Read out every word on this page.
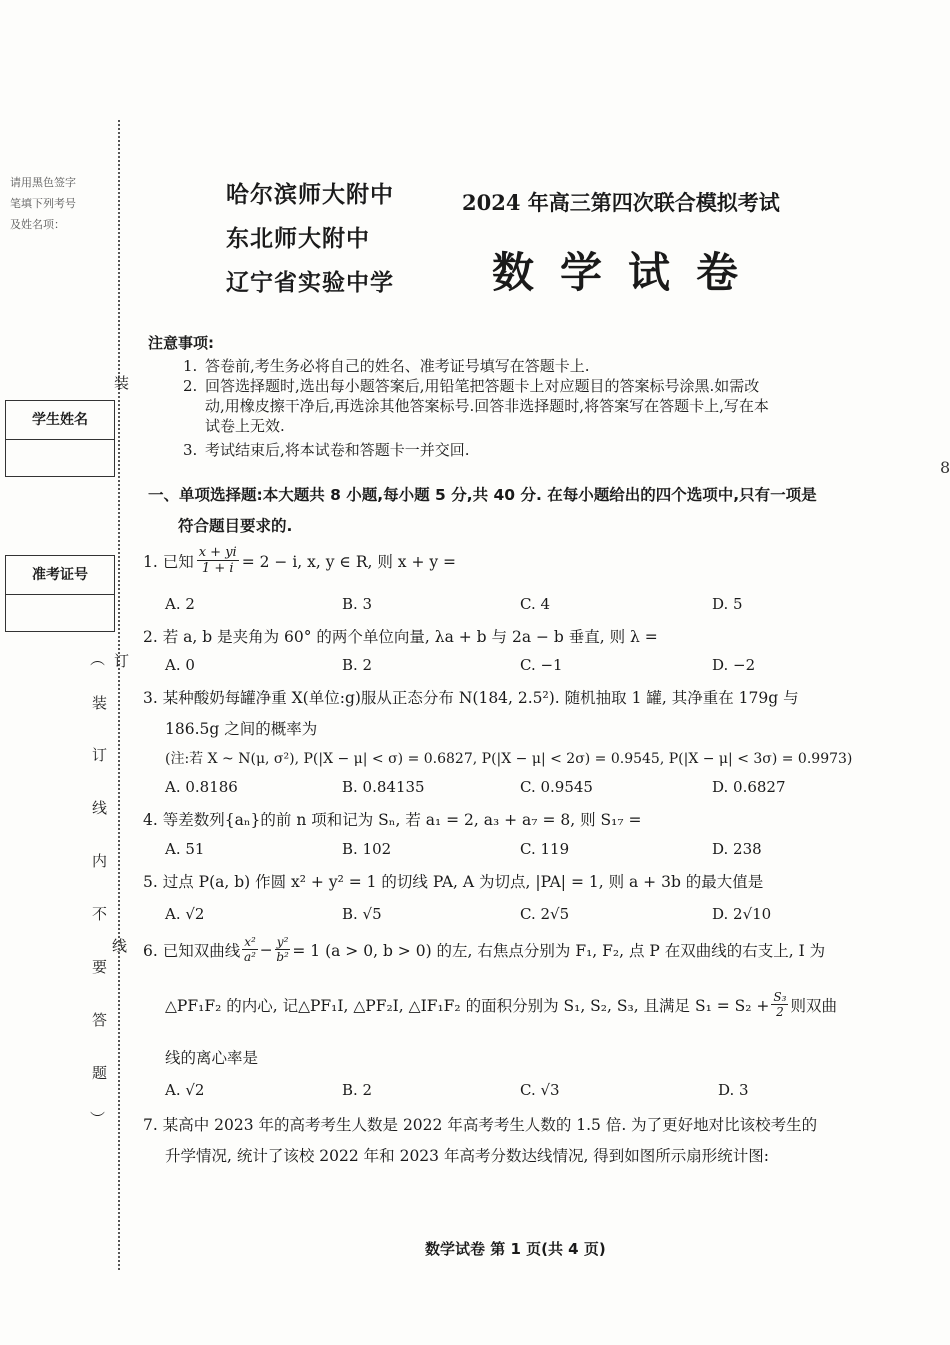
8
请用黑色签字
笔填下列考号
及姓名项：
装
订
线
学生姓名
准考证号
︵
装
订
线
内
不
要
答
题
︶
哈尔滨师大附中
东北师大附中
辽宁省实验中学
2024 年高三第四次联合模拟考试
数学试卷
注意事项:
1. 答卷前,考生务必将自己的姓名、准考证号填写在答题卡上.
2. 回答选择题时,选出每小题答案后,用铅笔把答题卡上对应题目的答案标号涂黑.如需改
动,用橡皮擦干净后,再选涂其他答案标号.回答非选择题时,将答案写在答题卡上,写在本
试卷上无效.
3. 考试结束后,将本试卷和答题卡一并交回.
一、单项选择题:本大题共 8 小题,每小题 5 分,共 40 分. 在每小题给出的四个选项中,只有一项是
符合题目要求的.
1. 已知 $\frac{x + yi}{1 + i} = 2 - i$, x, y ∈ R, 则 x + y =
A. 2	B. 3	C. 4	D. 5
2. 若 a, b 是夹角为 60° 的两个单位向量, λa + b 与 2a − b 垂直, 则 λ =
A. 0	B. 2	C. −1	D. −2
3. 某种酸奶每罐净重 X(单位:g)服从正态分布 N(184, 2.5²). 随机抽取 1 罐, 其净重在 179g 与
186.5g 之间的概率为
(注:若 X ~ N(μ, σ²), P(|X − μ| < σ) = 0.6827, P(|X − μ| < 2σ) = 0.9545, P(|X − μ| < 3σ) = 0.9973)
A. 0.8186	B. 0.84135	C. 0.9545	D. 0.6827
4. 等差数列{aₙ}的前 n 项和记为 Sₙ, 若 a₁ = 2, a₃ + a₇ = 8, 则 S₁₇ =
A. 51	B. 102	C. 119	D. 238
5. 过点 P(a, b) 作圆 x² + y² = 1 的切线 PA, A 为切点, |PA| = 1, 则 a + 3b 的最大值是
A. √2	B. √5	C. 2√5	D. 2√10
6. 已知双曲线 $\frac{\text{x²}}{\text{a²}} - \frac{\text{y²}}{\text{b²}} = 1$ (a > 0, b > 0) 的左, 右焦点分别为 F₁, F₂, 点 P 在双曲线的右支上, I 为
△PF₁F₂ 的内心, 记△PF₁I, △PF₂I, △IF₁F₂ 的面积分别为 S₁, S₂, S₃, 且满足 $S_1 = S_2 + \frac{\text{S₃}}{2}$ 则双曲
线的离心率是
A. √2	B. 2	C. √3	D. 3
7. 某高中 2023 年的高考考生人数是 2022 年高考考生人数的 1.5 倍. 为了更好地对比该校考生的
升学情况, 统计了该校 2022 年和 2023 年高考分数达线情况, 得到如图所示扇形统计图:
数学试卷 第 1 页(共 4 页)
